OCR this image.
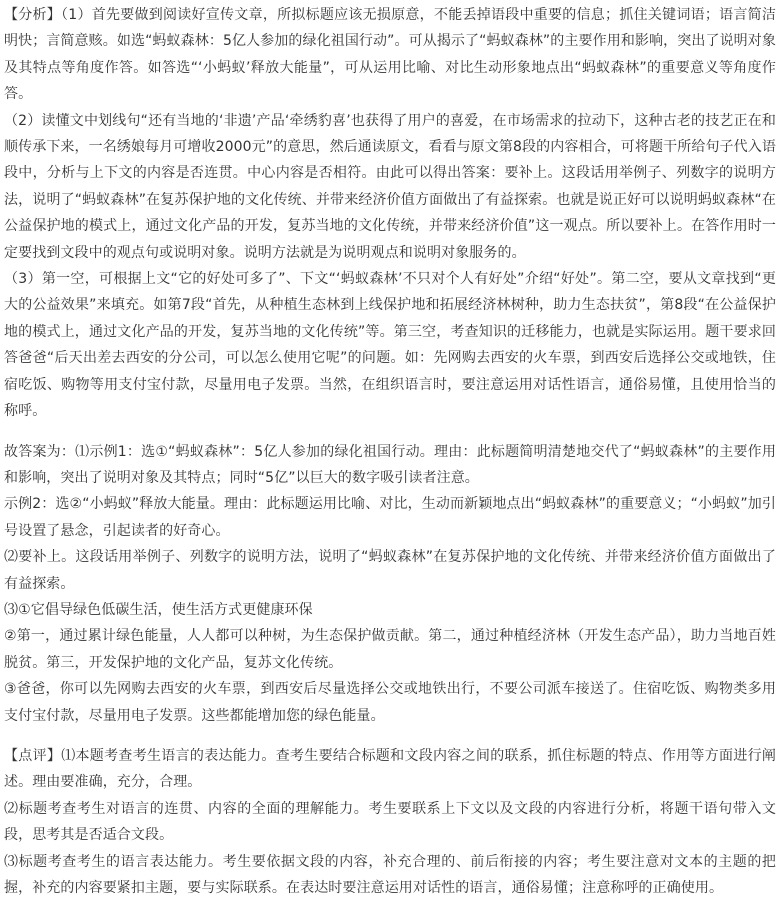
【分析】（1）首先要做到阅读好宣传文章，所拟标题应该无损原意，不能丢掉语段中重要的信息；抓住关键词语；语言简洁明快；言简意赅。如选“蚂蚁森林：5亿人参加的绿化祖国行动”。可从揭示了“蚂蚁森林”的主要作用和影响，突出了说明对象及其特点等角度作答。如答选“‘小蚂蚁’释放大能量”，可从运用比喻、对比生动形象地点出“蚂蚁森林”的重要意义等角度作答。

（2）读懂文中划线句“还有当地的‘非遗’产品‘牵绣豹喜’也获得了用户的喜爱，在市场需求的拉动下，这种古老的技艺正在和顺传承下来，一名绣娘每月可增收2000元”的意思，然后通读原文，看看与原文第8段的内容相合，可将题干所给句子代入语段中，分析与上下文的内容是否连贯。中心内容是否相符。由此可以得出答案：要补上。这段话用举例子、列数字的说明方法，说明了“蚂蚁森林”在复苏保护地的文化传统、并带来经济价值方面做出了有益探索。也就是说正好可以说明蚂蚁森林“在公益保护地的模式上，通过文化产品的开发，复苏当地的文化传统，并带来经济价值”这一观点。所以要补上。在答作用时一定要找到文段中的观点句或说明对象。说明方法就是为说明观点和说明对象服务的。

（3）第一空，可根据上文“它的好处可多了”、下文“‘蚂蚁森林’不只对个人有好处”介绍“好处”。第二空，要从文章找到“更大的公益效果”来填充。如第7段“首先，从种植生态林到上线保护地和拓展经济林树种，助力生态扶贫”，第8段“在公益保护地的模式上，通过文化产品的开发，复苏当地的文化传统”等。第三空，考查知识的迁移能力，也就是实际运用。题干要求回答爸爸“后天出差去西安的分公司，可以怎么使用它呢”的问题。如：先网购去西安的火车票，到西安后选择公交或地铁，住宿吃饭、购物等用支付宝付款，尽量用电子发票。当然，在组织语言时，要注意运用对话性语言，通俗易懂，且使用恰当的称呼。

故答案为：⑴示例1：选①“蚂蚁森林”：5亿人参加的绿化祖国行动。理由：此标题简明清楚地交代了“蚂蚁森林”的主要作用和影响，突出了说明对象及其特点；同时“5亿”以巨大的数字吸引读者注意。

示例2：选②“小蚂蚁”释放大能量。理由：此标题运用比喻、对比，生动而新颖地点出“蚂蚁森林”的重要意义；“小蚂蚁”加引号设置了悬念，引起读者的好奇心。

⑵要补上。这段话用举例子、列数字的说明方法，说明了“蚂蚁森林”在复苏保护地的文化传统、并带来经济价值方面做出了有益探索。

⑶①它倡导绿色低碳生活，使生活方式更健康环保

②第一，通过累计绿色能量，人人都可以种树，为生态保护做贡献。第二，通过种植经济林（开发生态产品），助力当地百姓脱贫。第三，开发保护地的文化产品，复苏文化传统。

③爸爸，你可以先网购去西安的火车票，到西安后尽量选择公交或地铁出行，不要公司派车接送了。住宿吃饭、购物类多用支付宝付款，尽量用电子发票。这些都能增加您的绿色能量。

【点评】⑴本题考查考生语言的表达能力。查考生要结合标题和文段内容之间的联系，抓住标题的特点、作用等方面进行阐述。理由要准确，充分，合理。

⑵标题考查考生对语言的连贯、内容的全面的理解能力。考生要联系上下文以及文段的内容进行分析，将题干语句带入文段，思考其是否适合文段。

⑶标题考查考生的语言表达能力。考生要依据文段的内容，补充合理的、前后衔接的内容；考生要注意对文本的主题的把握，补充的内容要紧扣主题，要与实际联系。在表达时要注意运用对话性的语言，通俗易懂；注意称呼的正确使用。
